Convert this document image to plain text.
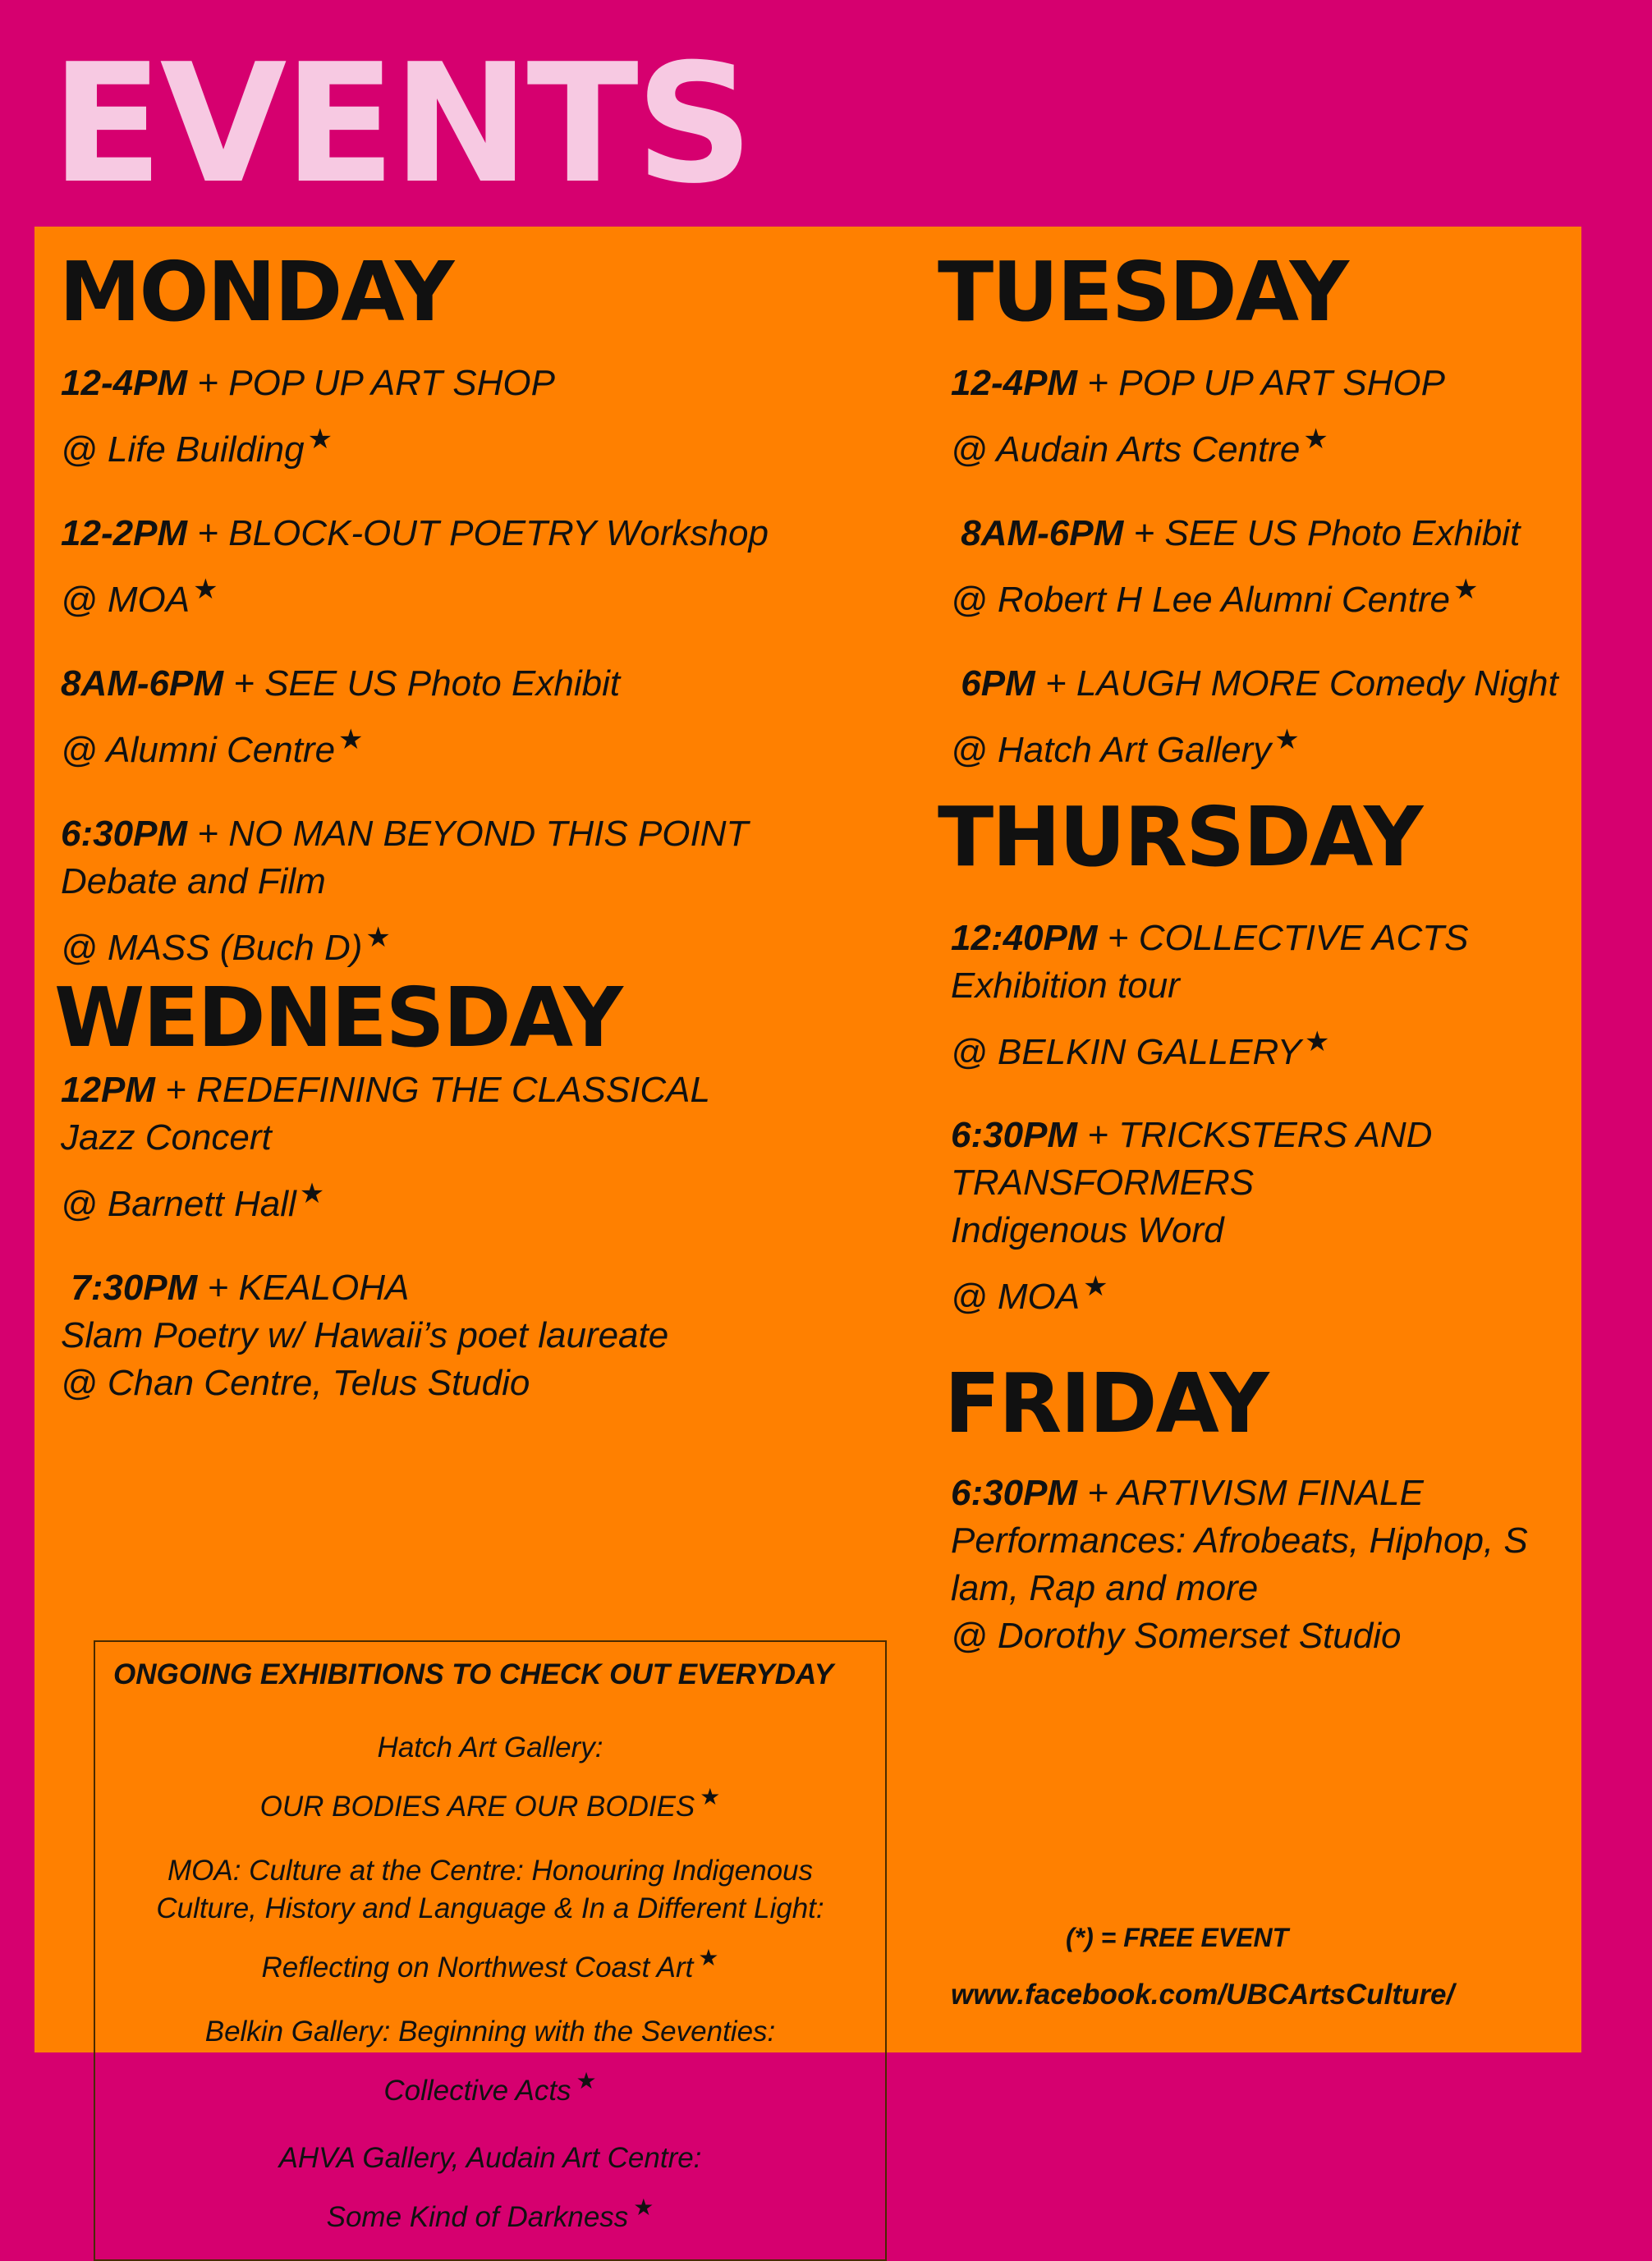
EVENTS
MONDAY
12-4PM + POP UP ART SHOP
@ Life Building ★
12-2PM + BLOCK-OUT POETRY Workshop
@ MOA ★
8AM-6PM + SEE US Photo Exhibit
@ Alumni Centre ★
6:30PM + NO MAN BEYOND THIS POINT
Debate and Film
@ MASS (Buch D) ★
WEDNESDAY
12PM + REDEFINING THE CLASSICAL
Jazz Concert
@ Barnett Hall ★
7:30PM + KEALOHA
Slam Poetry w/ Hawaii’s poet laureate
@ Chan Centre, Telus Studio
ONGOING EXHIBITIONS TO CHECK OUT EVERYDAY
Hatch Art Gallery:
OUR BODIES ARE OUR BODIES ★
MOA: Culture at the Centre: Honouring Indigenous
Culture, History and Language & In a Different Light:
Reflecting on Northwest Coast Art ★
Belkin Gallery: Beginning with the Seventies:
Collective Acts ★
AHVA Gallery, Audain Art Centre:
Some Kind of Darkness ★
TUESDAY
12-4PM + POP UP ART SHOP
@ Audain Arts Centre ★
8AM-6PM + SEE US Photo Exhibit
@ Robert H Lee Alumni Centre ★
6PM + LAUGH MORE Comedy Night
@ Hatch Art Gallery ★
THURSDAY
12:40PM + COLLECTIVE ACTS
Exhibition tour
@ BELKIN GALLERY ★
6:30PM + TRICKSTERS AND
TRANSFORMERS
Indigenous Word
@ MOA ★
FRIDAY
6:30PM + ARTIVISM FINALE
Performances: Afrobeats, Hiphop, S
lam, Rap and more
@ Dorothy Somerset Studio
(*) = FREE EVENT
www.facebook.com/UBCArtsCulture/
